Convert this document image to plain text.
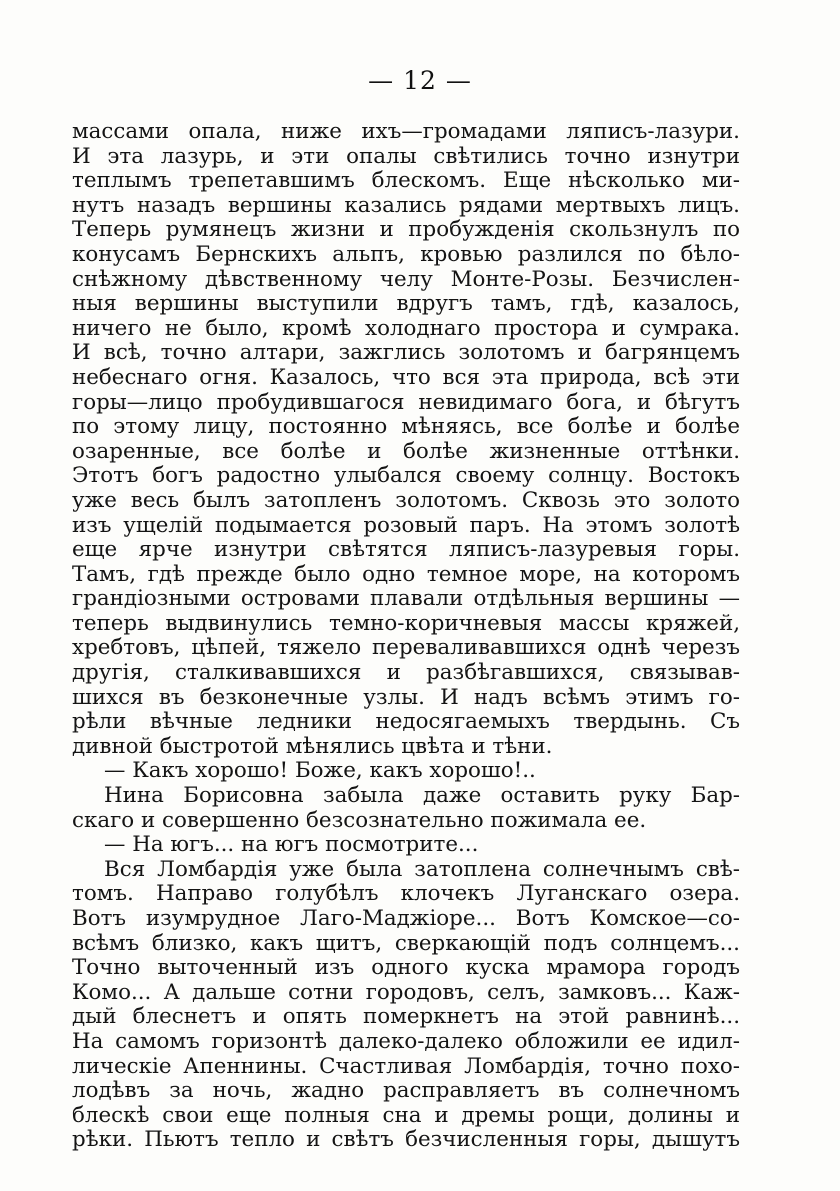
— 12 —
массами опала, ниже ихъ—громадами ляписъ-лазури.
И эта лазурь, и эти опалы свѣтились точно изнутри
теплымъ трепетавшимъ блескомъ. Еще нѣсколько ми-
нутъ назадъ вершины казались рядами мертвыхъ лицъ.
Теперь румянецъ жизни и пробужденія скользнулъ по
конусамъ Бернскихъ альпъ, кровью разлился по бѣло-
снѣжному дѣвственному челу Монте-Розы. Безчислен-
ныя вершины выступили вдругъ тамъ, гдѣ, казалось,
ничего не было, кромѣ холоднаго простора и сумрака.
И всѣ, точно алтари, зажглись золотомъ и багрянцемъ
небеснаго огня. Казалось, что вся эта природа, всѣ эти
горы—лицо пробудившагося невидимаго бога, и бѣгутъ
по этому лицу, постоянно мѣняясь, все болѣе и болѣе
озаренные, все болѣе и болѣе жизненные оттѣнки.
Этотъ богъ радостно улыбался своему солнцу. Востокъ
уже весь былъ затопленъ золотомъ. Сквозь это золото
изъ ущелій подымается розовый паръ. На этомъ золотѣ
еще ярче изнутри свѣтятся ляписъ-лазуревыя горы.
Тамъ, гдѣ прежде было одно темное море, на которомъ
грандіозными островами плавали отдѣльныя вершины —
теперь выдвинулись темно-коричневыя массы кряжей,
хребтовъ, цѣпей, тяжело переваливавшихся однѣ черезъ
другія, сталкивавшихся и разбѣгавшихся, связывав-
шихся въ безконечные узлы. И надъ всѣмъ этимъ го-
рѣли вѣчные ледники недосягаемыхъ твердынь. Съ
дивной быстротой мѣнялись цвѣта и тѣни.
— Какъ хорошо! Боже, какъ хорошо!..
Нина Борисовна забыла даже оставить руку Бар-
скаго и совершенно безсознательно пожимала ее.
— На югъ... на югъ посмотрите...
Вся Ломбардія уже была затоплена солнечнымъ свѣ-
томъ. Направо голубѣлъ клочекъ Луганскаго озера.
Вотъ изумрудное Лаго-Маджіоре... Вотъ Комское—со-
всѣмъ близко, какъ щитъ, сверкающій подъ солнцемъ...
Точно выточенный изъ одного куска мрамора городъ
Комо... А дальше сотни городовъ, селъ, замковъ... Каж-
дый блеснетъ и опять померкнетъ на этой равнинѣ...
На самомъ горизонтѣ далеко-далеко обложили ее идил-
лическіе Апеннины. Счастливая Ломбардія, точно похо-
лодѣвъ за ночь, жадно расправляетъ въ солнечномъ
блескѣ свои еще полныя сна и дремы рощи, долины и
рѣки. Пьютъ тепло и свѣтъ безчисленныя горы, дышутъ
